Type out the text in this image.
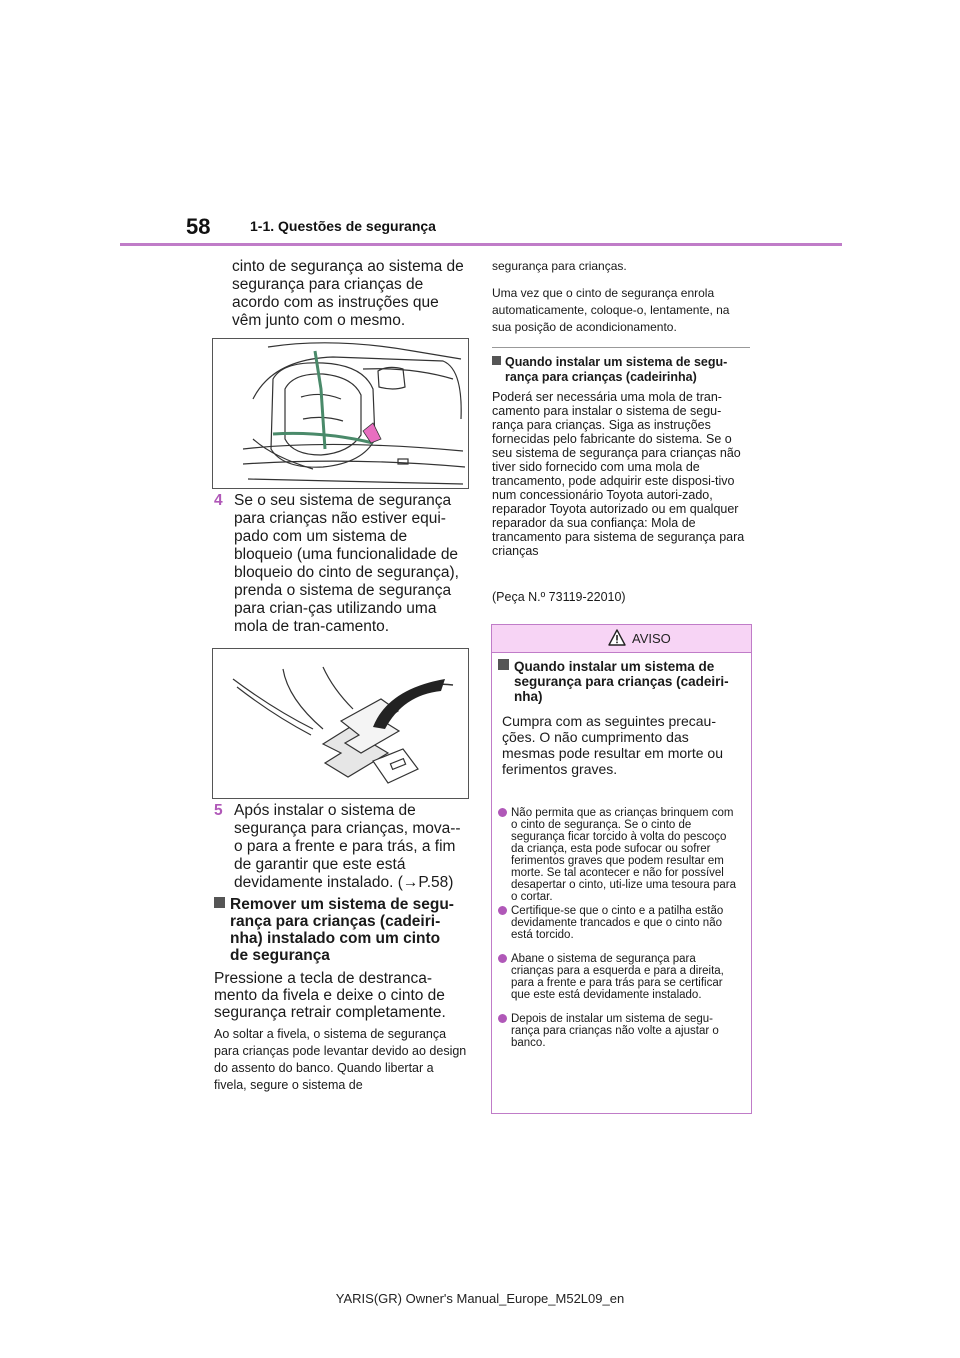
58	1-1. Questões de segurança
cinto de segurança ao sistema de segurança para crianças de acordo com as instruções que vêm junto com o mesmo.
4 Se o seu sistema de segurança para crianças não estiver equi-pado com um sistema de bloqueio (uma funcionalidade de bloqueio do cinto de segurança), prenda o sistema de segurança para crian-ças utilizando uma mola de tran-camento.
5 Após instalar o sistema de segurança para crianças, mova--o para a frente e para trás, a fim de garantir que este está devidamente instalado. (→P.58)
Remover um sistema de segu-rança para crianças (cadeiri-nha) instalado com um cinto de segurança
Pressione a tecla de destranca-mento da fivela e deixe o cinto de segurança retrair completamente.
Ao soltar a fivela, o sistema de segurança para crianças pode levantar devido ao design do assento do banco. Quando libertar a fivela, segure o sistema de
segurança para crianças.
Uma vez que o cinto de segurança enrola automaticamente, coloque-o, lentamente, na sua posição de acondicionamento.
Quando instalar um sistema de segu-rança para crianças (cadeirinha)
Poderá ser necessária uma mola de tran-camento para instalar o sistema de segu-rança para crianças. Siga as instruções fornecidas pelo fabricante do sistema. Se o seu sistema de segurança para crianças não tiver sido fornecido com uma mola de trancamento, pode adquirir este disposi-tivo num concessionário Toyota autori-zado, reparador Toyota autorizado ou em qualquer reparador da sua confiança: Mola de trancamento para sistema de segurança para crianças
(Peça N.º 73119-22010)
AVISO
Quando instalar um sistema de segurança para crianças (cadeiri-nha)
Cumpra com as seguintes precau-ções. O não cumprimento das mesmas pode resultar em morte ou ferimentos graves.
Não permita que as crianças brinquem com o cinto de segurança. Se o cinto de segurança ficar torcido à volta do pescoço da criança, esta pode sufocar ou sofrer ferimentos graves que podem resultar em morte. Se tal acontecer e não for possível desapertar o cinto, uti-lize uma tesoura para o cortar.
Certifique-se que o cinto e a patilha estão devidamente trancados e que o cinto não está torcido.
Abane o sistema de segurança para crianças para a esquerda e para a direita, para a frente e para trás para se certificar que este está devidamente instalado.
Depois de instalar um sistema de segu-rança para crianças não volte a ajustar o banco.
YARIS(GR) Owner's Manual_Europe_M52L09_en
